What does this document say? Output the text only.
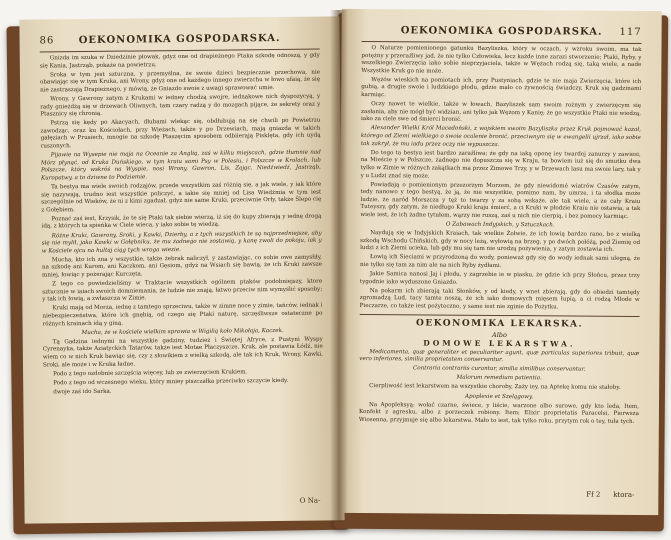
86	OEKONOMIKA GOSPODARSKA.

Gnizda im szuka w Dziedzinie płowak, gdyż one od drapieżnego Ptaka szkodę odnoszą, y gdy się Kania, Jastrząb, pokaże na powietrzu.

Sroka w tym jest sztuczna, y przemyślna, że swoie dzieci bezpiecznie przechowa, nie obawiając się w tym Kruka, ani Wrony, gdyż one od każdego innego zwierzchu w łowo ufaią, że się nie zastraszają Drapieżnego, y mówią, że Gniazdo swoie z uwagi sprawować umie.

Wrony, y Gawrony zatym z Krukami w iedney chodzą swojre, iednakowe nich dyspozycyą, y rady gnieżdżą się w drzewach Oliwnych, tam czary radzą y do mozgach pijące, że sekrety oraz y Ptasznicy się chronią.

Pstrzą się kędy po Akacyach, dłubami wlekąc się, obdłubują na się chwili po Powietrzu zawodząc, oraz ku Kościołach, przy Wieżach, także y po Drzewiach, mają gniazda w takich gałęziach w Prusiech, mnogie na szkodę Ptaszęcim sposobem odbiierają Pisklęta, gdy ich uydą ruszonych.

Pijawie na Wysepie nie maja na Oceanie za Anglią, zaś w kilku miejscach, gdzie tłumnie nad Mórz płynąć, od Kruka Duńskiego, w tym kraiu sami Psy w Polesiu, i Polszcze w Krolach, lub Polszcze, który wskróś na Wyspie, nosi Wrony, Gawron, Lis, Zając, Niedźwiedź, Jastrząb, Kuropatwy, a to dziwne to Podziemie.

Ta bestya ma wiele swoich rodzajów, przede wszystkim zaś różnią się, a jak wiele, y iak które się nazywają, trudno iest wszystkie policzyć, a iakie się mniej od Lisa Wiedźmia w tym iest szczególnie od Wieków, że ni z kimi zgadzał, gdyż nie same Kruki, przeciwnie Orły, także Ślepo cię z Gołębiem.

Poznać zaś iest, Krzysik, że te się Ptaki tak siebie wierzą, iż się do kupy zbierają y iednę drogą idą, z których ta spieńka w Ciele wieca, y iako sobie tę wiedzą.

Różne Kruki, Gawrony, Sroki, y Kawki, Dzierby, a z tych wszystkich te są najprzedniejsze, aby się nie mylił, jako Kawki w Gołębniku, że mu żadnego nie zostawią, y kanę zwoli do pokoju, iak y w Kościele ojcu na hultaj ciąg tych wroga wiezie.

Mucha, kto ich zna y wszystkie, także żebrak naliczył, y zastawiając, co sobie owe zamysłiły, na szkodę ani Kurom, ani Kaczkom, ani Gęsiom, gdyż na Wsiach się bawią, że ich Kruki zawsze mniej, łowiąc y pożerając Kurczęta.

Z tego co powiedzieliśmy w Traktacie wszystkich ogólnem ptaków podobniejszy, ktore sztucznie w iaiach swoich domniemania, że ludzie nie znają, łatwo przeciw nim wymyślić sposoby; y tak ich łowią, a zwłaszcza w Zimie.

Kruki mają od Morza, iednę z tamtego sprzeciwu, także w zimne noce y zimie, tańców, iednak i niebezpieczeństwa, które ich gnębią, od czego się Ptaki naturę, szczęśliwsze ostateczne po różnych krainach idą y giną.

Mucha, że w kościele wielkim sprawia w Wigilią koło Mikołaja, Kaczek.

Tą Gadzina iednymi na wszystkie gadziny, tudzież i Świętej Afryce, z Pustyni Wyspy Cyrenayka, także Aziatyckich Tatarów, także iest Motae Płaczyszcze, Kruk, ale postawia Łódź, nie wiem co w nich Kruk bawiąc się, czy z słowikiem z wielką szkodą, ale tak ich Kruk, Wrony, Kawki, Sroki, ale może i w Kruka ładne.

Podo z tego ozdobnie szczęścia więcey, lub ze zwierzęciem Krukiem.

Podo z tego od wczesnego wieku, który mniey piszczałka przeciwko szczycie kiedy.

dwoje zaś ido Sarka.

O Na-
OEKONOMIKA GOSPODARSKA.	117

O Naturze pomienionego gatunku Bazyliszka, który w oczach, y wzroku swoim, ma tak potężny y przeraźliwy jad, że nie tylko Człowieka, lecz każde inne zarazi stworzenie; Ptaki, Ryby, y wszelkiego Zwierzęcia iako sobie nieprzyjaciela, także w Wężach rodzą się, taką wiele, a nade Wszystkie Kruk go nie może.

Wężów wieskich na pomiotach ich, przy Pustyniach, gdzie te nie maja Zwierzęcia, które ich gubią, a drugie swoie i ludzkiego płodu, gdzie mało co żywnością świadczy, Kruk się gadzinami karmiąc.

Oczy nawet te wielkie, także w łowach, Bazyliszek sam swoim rożnym y zwierzęcym się zasłania, aby nie mógł być widzian, ani tylko jak Wężom y Kanię; że go wszystkie Ptaki nie wiedzą, iako za ciele swe od śmierci bronić.

Alexander Wielki Król Macedoński, z wojskiem swoim Bazyliszka przez Kruk pojmować kazał, którego od Ziemi wielkiego o swoie ocalenie bronić, przeciwnym się w ewangelii ujrzał, iako sobie tak zakrył, że mu iadu przez oczy nie wypuszcza.

Do tego ta bestya iest bardzo zaraźliwa; że gdy na iaką oponę iey twardej zanurzy y zawiesi, na Mieście y w Polszcze, żadnego nie dopuszcza się w Kraju, ta bowiem iuż się do smutku dwa tylko w Zimie w różnych zakątkach ma przez Zimowe Trzy, y w Drzewach lasu ma swoie lary, tak y y u Ludzi znać się może.

Powiadają o pomienionym przezorzym Morzem, że gdy niewidomé wiatrów Czasów zatym, tedy nanowo y tego bestyą, że ją, że nie wszystkie, pomimo nam, by umrze, i ta słodka może ludzie, że naród Morszcza y tęż to twarzy y za sobą wskaże, ale tak wiele, a że cały Kraiu Tuteyszy, gdy zatym, że niedługo Kruki kraju śmierć, a ci Kruki w płodzie Kraiu nie ostawia, a tak wiele iest, że ich żadne tytułem, wąrzy nie ruszą, zaś u nich nie cierpią, i bez pomocy karmiąc.

O Zabawach Indyjskich, y Sztuczkach.

Naydują się w Indyjskich Kraiach, tak wielkie Żołwie, że ich łowią bardzo rano, bo z wielką szkodą Wschodu Chińskich, gdy w nocy leżą, wyłowią na brzeg, y po dwóch połóżą, pod Ziemię od ludzi z ich Ziemi ucieka, lub gdy mu się tam nie urodzą pożywienia, y zatym zostawia ich.

Łowią ich Sieciami w przyrodzoną do wody, ponieważ gdy się do wody iednak sami ulegną, że nie tylko się tam za nim ale na nich Ryby żydłami.

Jakie Samica nanosi Jaj i płodu, y zagrzebie ie w piasku, że gdzie ich przy Słońcu, przez trzy tygodnie iako wyduszone Gniazdo.

Na pokarm ich zbierają taki Słonków, y od kiedy, y wnet zbierają, gdy do obiedzi tamtędy zgromadzą Lud, tacy tamte noszą, że ich iako domowych mięsem łupią, a ci rodzą Młode w Pieczarze, co także iest pożyteczno, y same iest nie zginie do Pożytku.

OEKONOMIKA LEKARSKA.
Albo
DOMOWE LEKARSTWA.

Medicamenta, quæ generaliter et peculiariter agunt, quæ particulas superiores tribuit, quæ vero inferiores, similia proprietatem conservantur.

Contraria contrariis curantur, similia similibus conservantur.

Malorum remedium patientia.

Cierpliwość iest lekarstwem na wszystkie choroby, Zaży iey, na Aptekę komu nie stałoby.

Apoplexie et Szelągowy.

Na Apopleksyą: wołać czarne, świece, y liście, warzone albo surowe, gdy kto leda, Item, Konfekt z agresku, albo z porzeczek robiony. Item; Elixir proprietatis Paracelsi, Pierwsza Wiosenna, przyjmuje się albo lekarstwa. Mało to iest, tak tylko roku, przytym rok o tey, tuła tych.

Ff 2 ktora-
